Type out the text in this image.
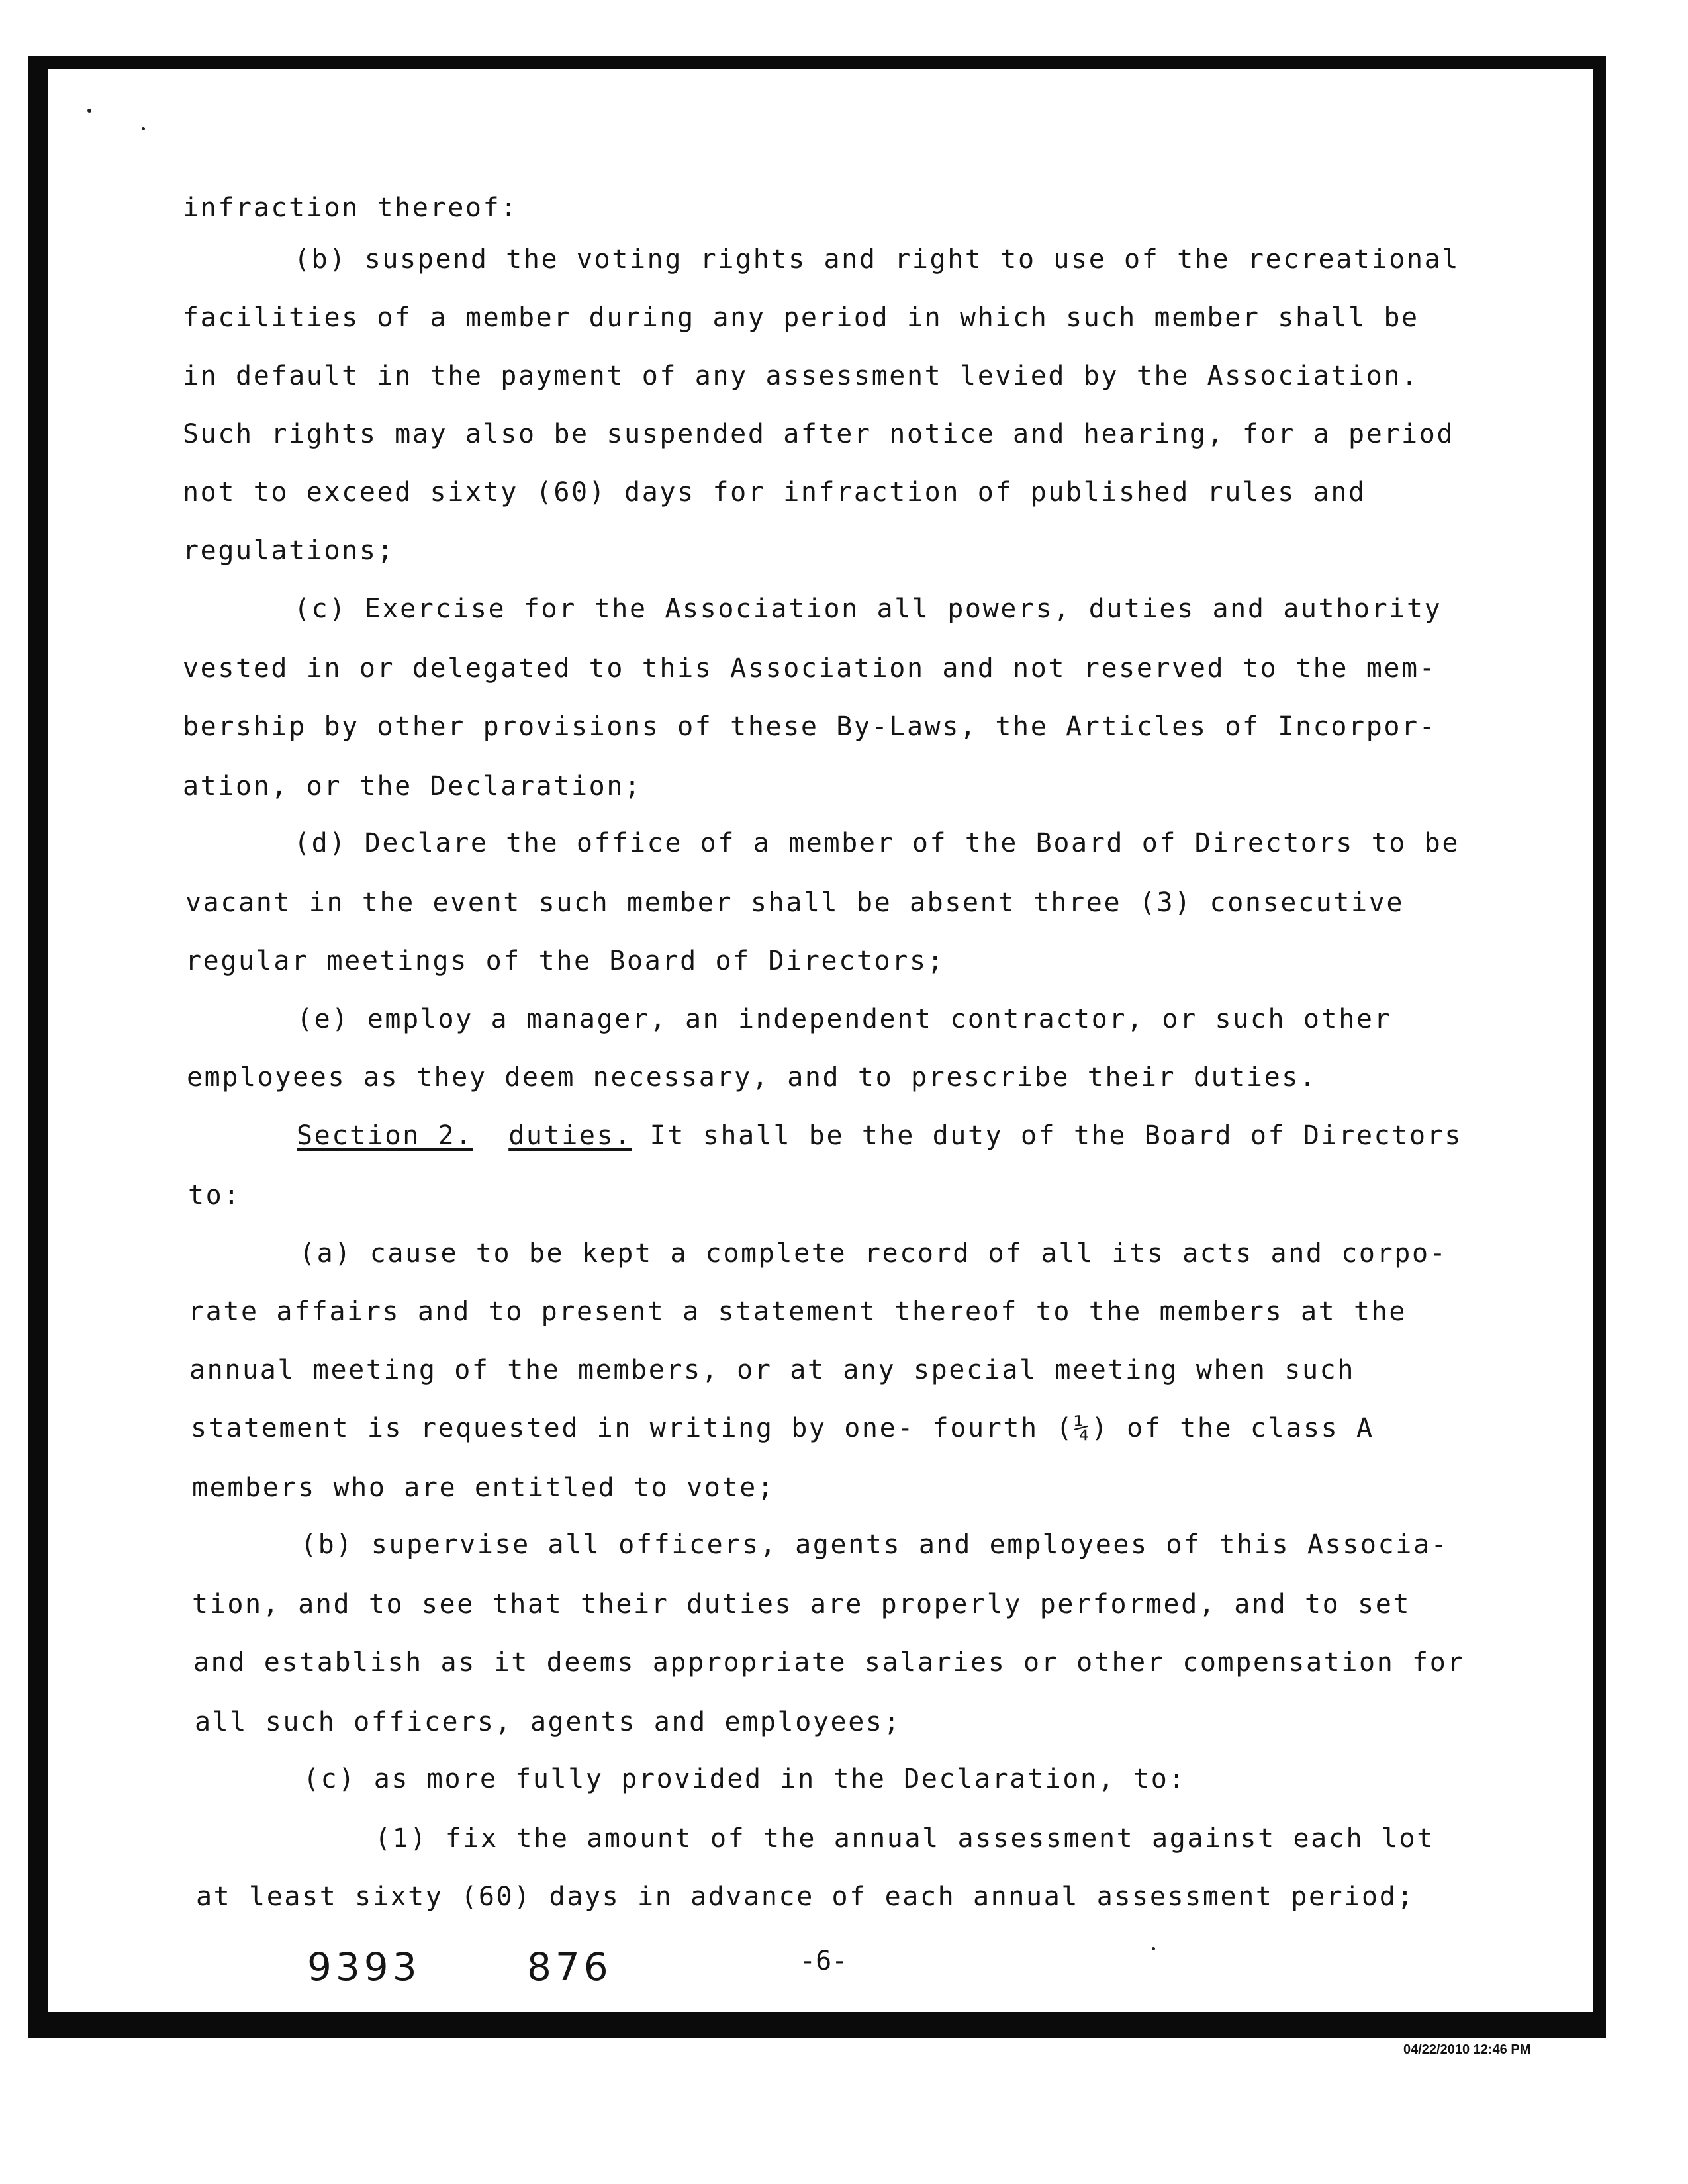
infraction thereof:
(b) suspend the voting rights and right to use of the recreational
facilities of a member during any period in which such member shall be
in default in the payment of any assessment levied by the Association.
Such rights may also be suspended after notice and hearing, for a period
not to exceed sixty (60) days for infraction of published rules and
regulations;
(c) Exercise for the Association all powers, duties and authority
vested in or delegated to this Association and not reserved to the mem-
bership by other provisions of these By-Laws, the Articles of Incorpor-
ation, or the Declaration;
(d) Declare the office of a member of the Board of Directors to be
vacant in the event such member shall be absent three (3) consecutive
regular meetings of the Board of Directors;
(e) employ a manager, an independent contractor, or such other
employees as they deem necessary, and to prescribe their duties.
Section 2. duties. It shall be the duty of the Board of Directors
to:
(a) cause to be kept a complete record of all its acts and corpo-
rate affairs and to present a statement thereof to the members at the
annual meeting of the members, or at any special meeting when such
statement is requested in writing by one- fourth (¼) of the class A
members who are entitled to vote;
(b) supervise all officers, agents and employees of this Associa-
tion, and to see that their duties are properly performed, and to set
and establish as it deems appropriate salaries or other compensation for
all such officers, agents and employees;
(c) as more fully provided in the Declaration, to:
(1) fix the amount of the annual assessment against each lot
at least sixty (60) days in advance of each annual assessment period;
9393	876	-6-
04/22/2010 12:46 PM
